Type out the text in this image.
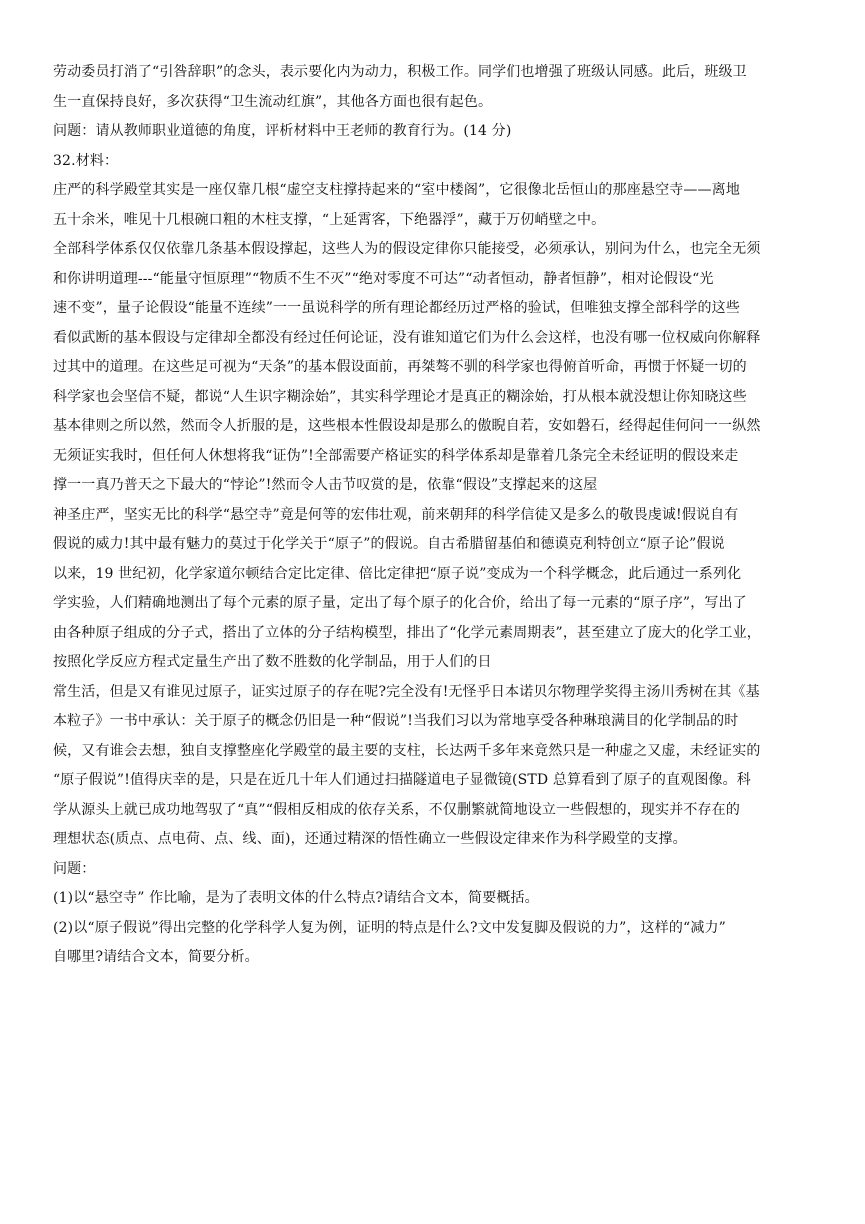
劳动委员打消了“引咎辞职”的念头，表示要化内为动力，积极工作。同学们也增强了班级认同感。此后，班级卫
生一直保持良好，多次获得“卫生流动红旗”，其他各方面也很有起色。
问题：请从教师职业道德的角度，评析材料中王老师的教育行为。(14 分)
32.材料：
庄严的科学殿堂其实是一座仅靠几根“虚空支柱撑持起来的“室中楼阁”，它很像北岳恒山的那座悬空寺——离地
五十余米，唯见十几根碗口粗的木柱支撑，“上延霄客，下绝器浮”，藏于万仞峭壁之中。
全部科学体系仅仅依靠几条基本假设撑起，这些人为的假设定律你只能接受，必须承认，别问为什么，也完全无须
和你讲明道理---“能量守恒原理”“物质不生不灭”“绝对零度不可达”“动者恒动，静者恒静”，相对论假设“光
速不变”，量子论假设“能量不连续”一一虽说科学的所有理论都经历过严格的验试，但唯独支撑全部科学的这些
看似武断的基本假设与定律却全都没有经过任何论证，没有谁知道它们为什么会这样，也没有哪一位权威向你解释
过其中的道理。在这些足可视为“天条”的基本假设面前，再桀骜不驯的科学家也得俯首听命，再惯于怀疑一切的
科学家也会坚信不疑，都说“人生识字糊涂始”，其实科学理论才是真正的糊涂始，打从根本就没想让你知晓这些
基本律则之所以然，然而令人折服的是，这些根本性假设却是那么的傲睨自若，安如磐石，经得起佳何问一一纵然
无须证实我时，但任何人休想将我“证伪”!全部需要产格证实的科学体系却是靠着几条完全未经证明的假设来走
撑一一真乃普天之下最大的“悖论”!然而令人击节叹赏的是，依靠“假设”支撑起来的这屋
神圣庄严，坚实无比的科学“悬空寺”竟是何等的宏伟壮观，前来朝拜的科学信徒又是多么的敬畏虔诚!假说自有
假说的威力!其中最有魅力的莫过于化学关于“原子”的假说。自古希腊留基伯和德谟克利特创立“原子论”假说
以来，19 世纪初，化学家道尔顿结合定比定律、倍比定律把“原子说”变成为一个科学概念，此后通过一系列化
学实验，人们精确地测出了每个元素的原子量，定出了每个原子的化合价，给出了每一元素的“原子序”，写出了
由各种原子组成的分子式，搭出了立体的分子结构模型，排出了“化学元素周期表”，甚至建立了庞大的化学工业，
按照化学反应方程式定量生产出了数不胜数的化学制品，用于人们的日
常生活，但是又有谁见过原子，证实过原子的存在呢?完全没有!无怪乎日本诺贝尔物理学奖得主汤川秀树在其《基
本粒子》一书中承认：关于原子的概念仍旧是一种“假说”!当我们习以为常地享受各种琳琅满目的化学制品的时
候，又有谁会去想，独自支撑整座化学殿堂的最主要的支柱，长达两千多年来竟然只是一种虚之又虚，未经证实的
“原子假说”!值得庆幸的是，只是在近几十年人们通过扫描隧道电子显微镜(STD 总算看到了原子的直观图像。科
学从源头上就已成功地驾驭了“真”“假相反相成的依存关系，不仅删繁就简地设立一些假想的，现实并不存在的
理想状态(质点、点电荷、点、线、面)，还通过精深的悟性确立一些假设定律来作为科学殿堂的支撑。
问题：
(1)以“悬空寺” 作比喻，是为了表明文体的什么特点?请结合文本，简要概括。
(2)以“原子假说”得出完整的化学科学人复为例，证明的特点是什么?文中发复脚及假说的力”，这样的“减力”
自哪里?请结合文本，简要分析。
